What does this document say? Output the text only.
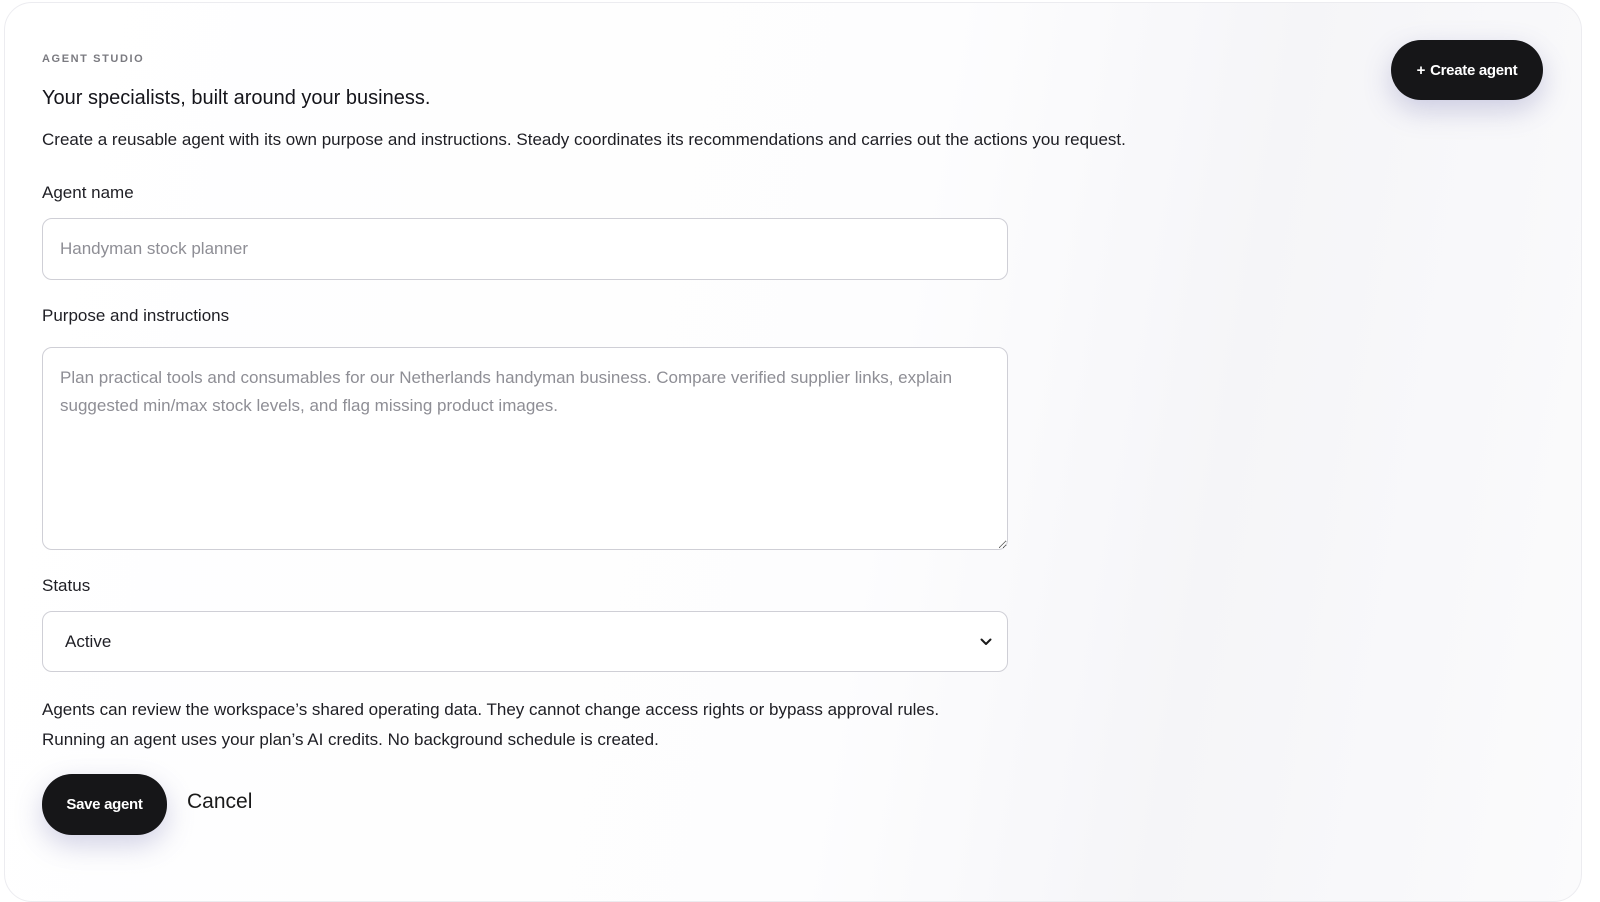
AGENT STUDIO

Your specialists, built around your business.

Create a reusable agent with its own purpose and instructions. Steady coordinates its recommendations and carries out the actions you request.

+ Create agent
Agent name
Handyman stock planner
Purpose and instructions
Plan practical tools and consumables for our Netherlands handyman business. Compare verified supplier links, explain suggested min/max stock levels, and flag missing product images.
Status
Active

Agents can review the workspace’s shared operating data. They cannot change access rights or bypass approval rules. Running an agent uses your plan’s AI credits. No background schedule is created.

Save agent	Cancel
